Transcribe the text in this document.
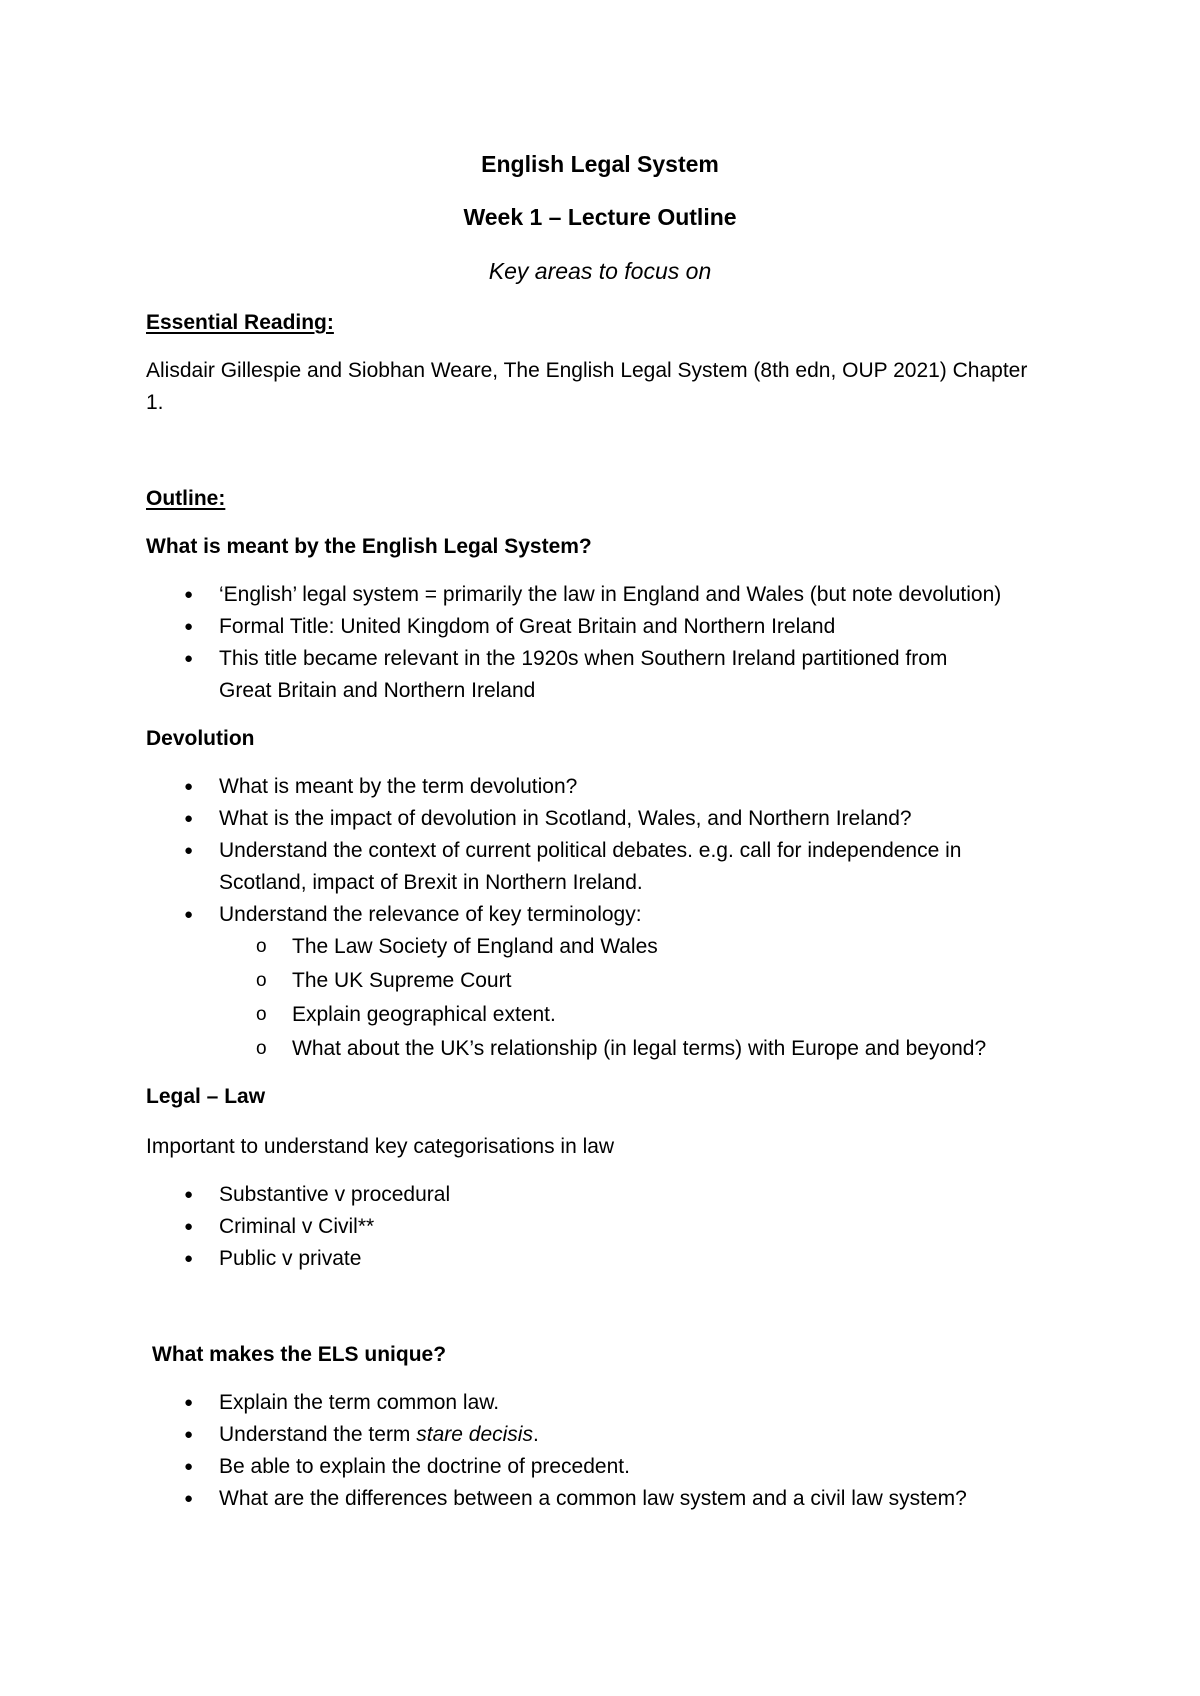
English Legal System
Week 1 – Lecture Outline
Key areas to focus on
Essential Reading:
Alisdair Gillespie and Siobhan Weare, The English Legal System (8th edn, OUP 2021) Chapter
1.
Outline:
What is meant by the English Legal System?
● ‘English’ legal system = primarily the law in England and Wales (but note devolution)
● Formal Title: United Kingdom of Great Britain and Northern Ireland
● This title became relevant in the 1920s when Southern Ireland partitioned from
Great Britain and Northern Ireland
Devolution
● What is meant by the term devolution?
● What is the impact of devolution in Scotland, Wales, and Northern Ireland?
● Understand the context of current political debates. e.g. call for independence in
Scotland, impact of Brexit in Northern Ireland.
● Understand the relevance of key terminology:
o The Law Society of England and Wales
o The UK Supreme Court
o Explain geographical extent.
o What about the UK’s relationship (in legal terms) with Europe and beyond?
Legal – Law
Important to understand key categorisations in law
● Substantive v procedural
● Criminal v Civil**
● Public v private
What makes the ELS unique?
● Explain the term common law.
● Understand the term stare decisis.
● Be able to explain the doctrine of precedent.
● What are the differences between a common law system and a civil law system?
